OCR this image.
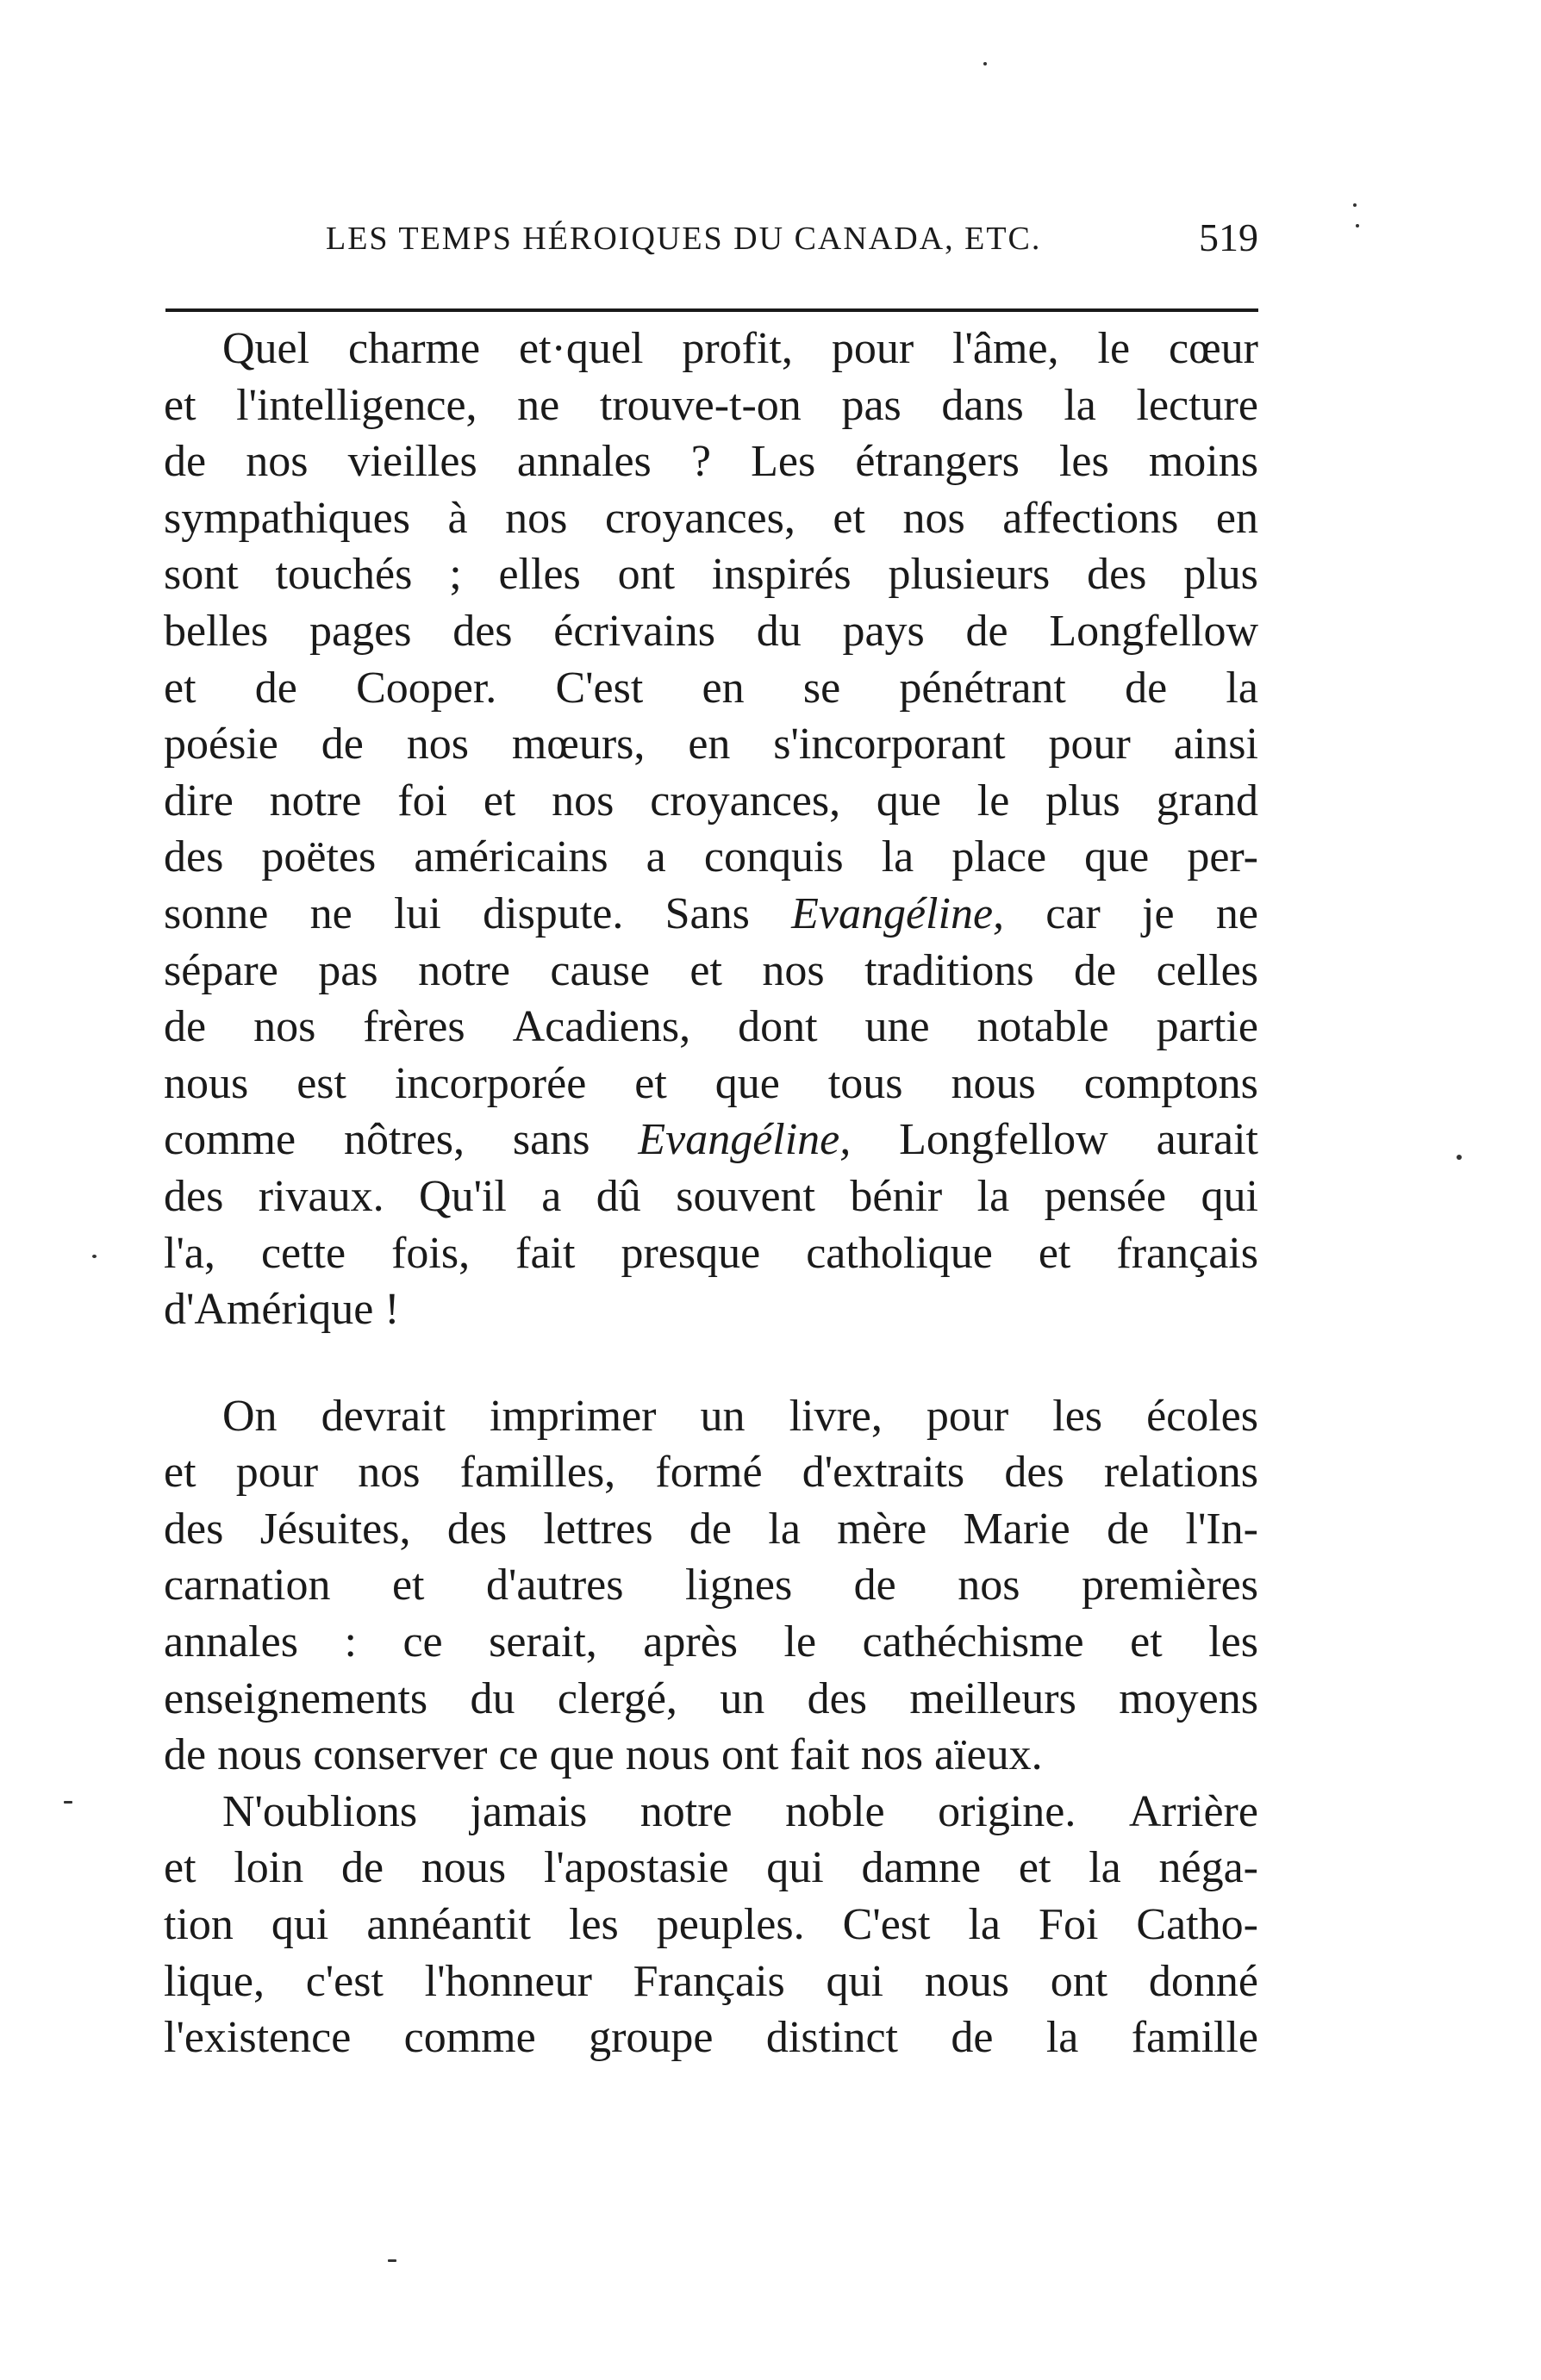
LES TEMPS HÉROIQUES DU CANADA, ETC.	519
Quel charme et·quel profit, pour l'âme, le cœur
et l'intelligence, ne trouve-t-on pas dans la lecture
de nos vieilles annales ? Les étrangers les moins
sympathiques à nos croyances, et nos affections en
sont touchés ; elles ont inspirés plusieurs des plus
belles pages des écrivains du pays de Longfellow
et de Cooper. C'est en se pénétrant de la
poésie de nos mœurs, en s'incorporant pour ainsi
dire notre foi et nos croyances, que le plus grand
des poëtes américains a conquis la place que per-
sonne ne lui dispute. Sans Evangéline, car je ne
sépare pas notre cause et nos traditions de celles
de nos frères Acadiens, dont une notable partie
nous est incorporée et que tous nous comptons
comme nôtres, sans Evangéline, Longfellow aurait
des rivaux. Qu'il a dû souvent bénir la pensée qui
l'a, cette fois, fait presque catholique et français
d'Amérique
!
On devrait imprimer un livre, pour les écoles
et pour nos familles, formé d'extraits des relations
des Jésuites, des lettres de la mère Marie de l'In-
carnation et d'autres lignes de nos premières
annales : ce serait, après le cathéchisme et les
enseignements du clergé, un des meilleurs moyens
de
nous
conserver
ce
que
nous
ont
fait
nos
aïeux.
N'oublions jamais notre noble origine. Arrière
et loin de nous l'apostasie qui damne et la néga-
tion qui annéantit les peuples. C'est la Foi Catho-
lique, c'est l'honneur Français qui nous ont donné
l'existence comme groupe distinct de la famille
